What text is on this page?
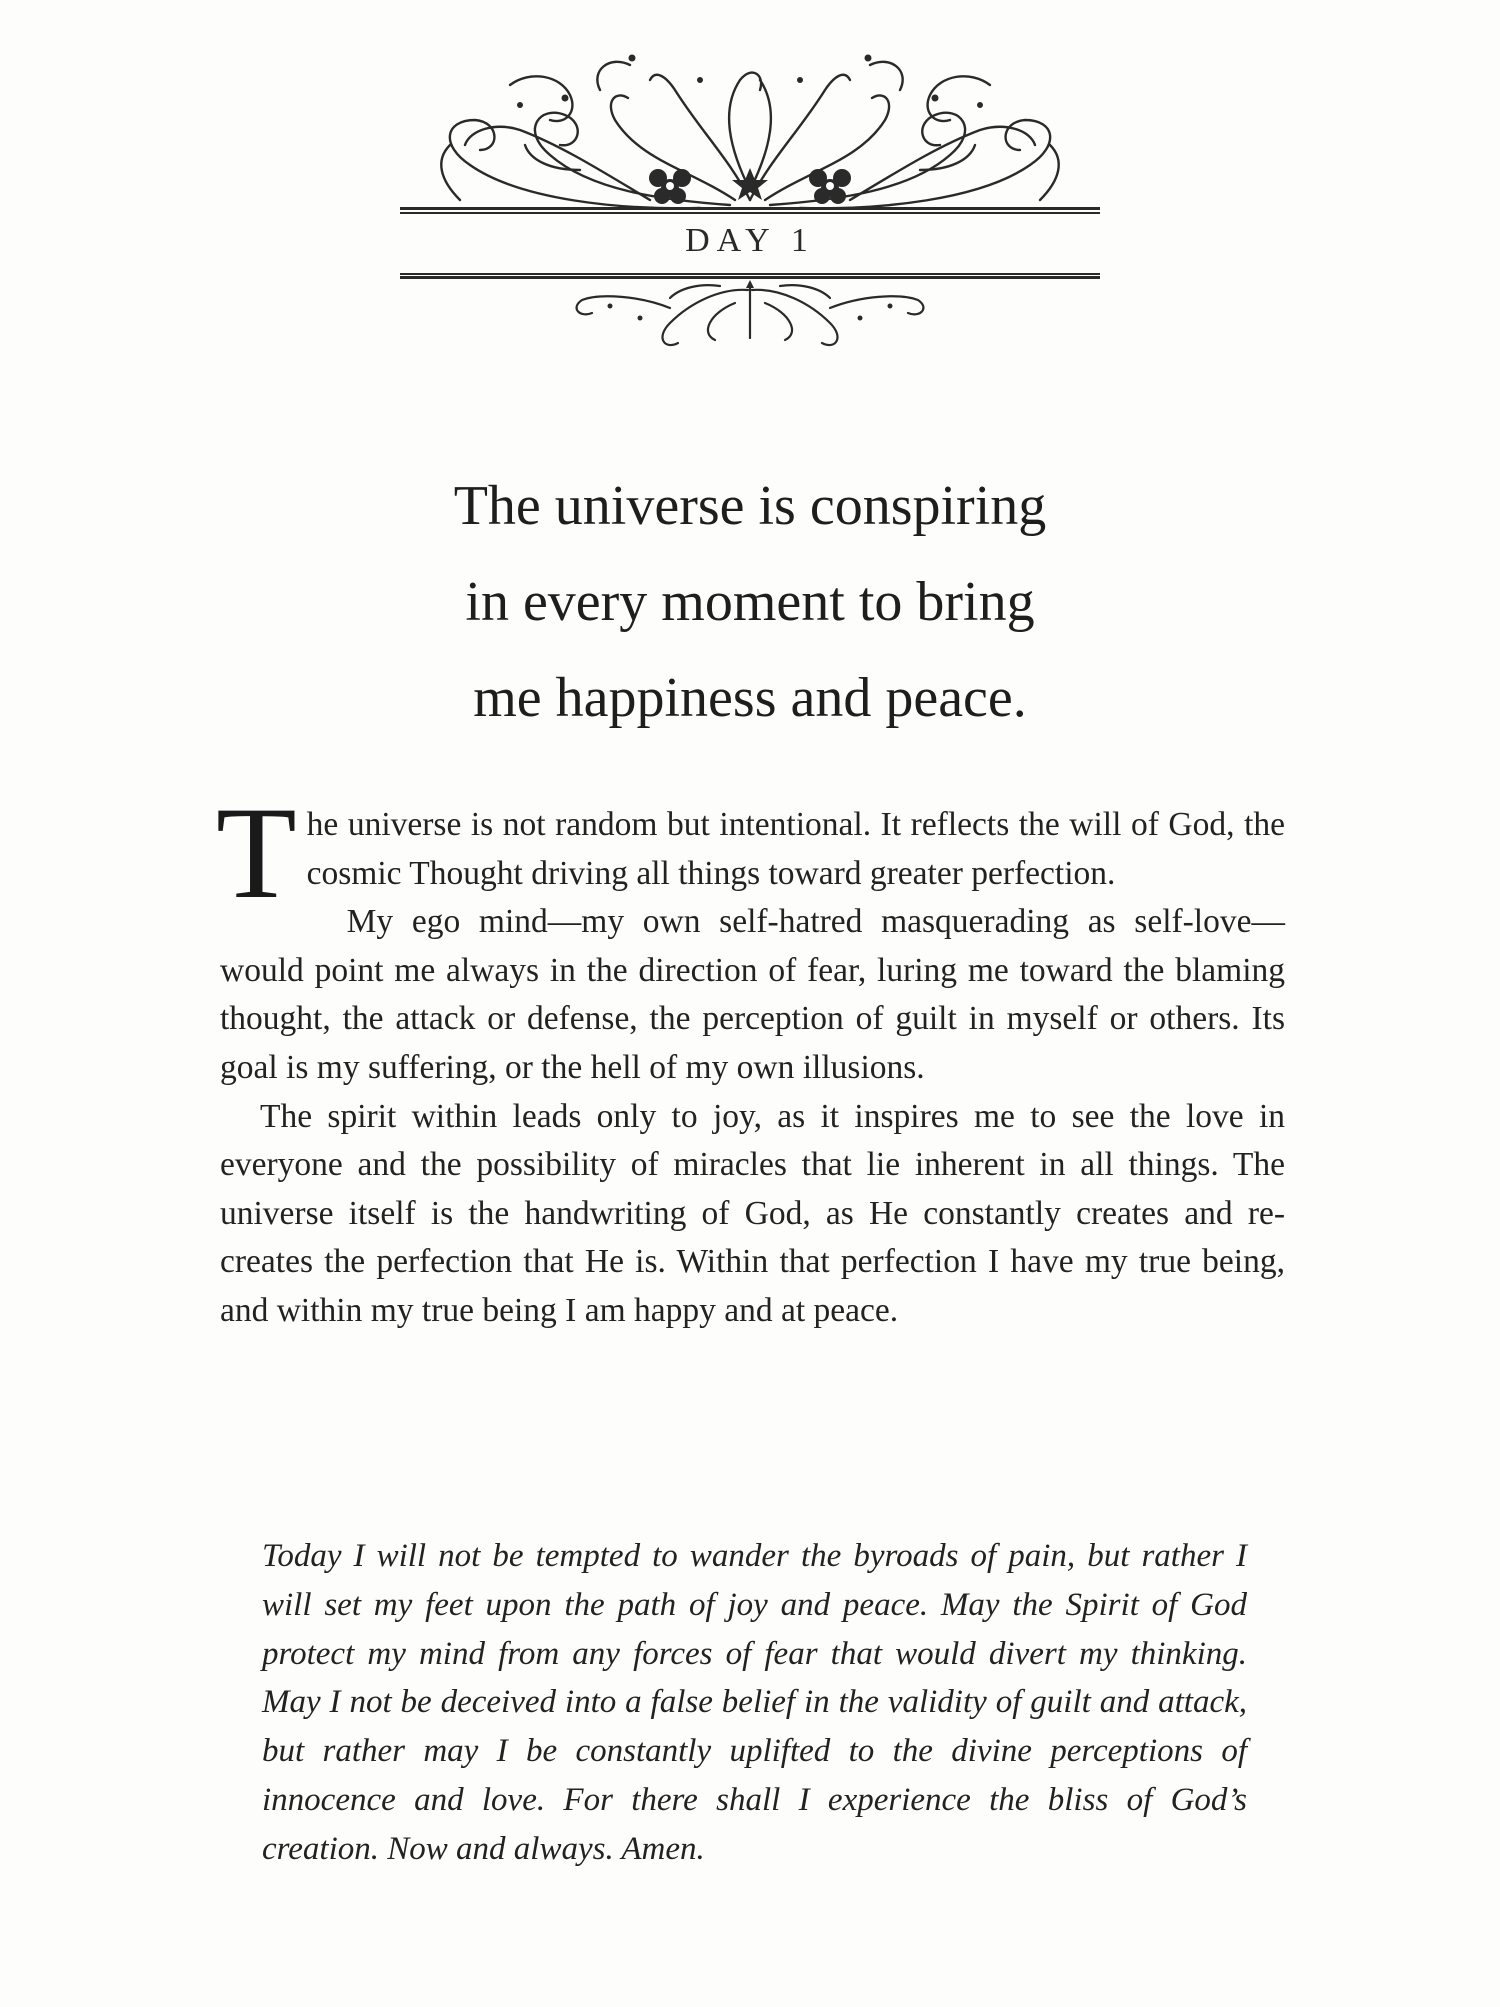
DAY 1
The universe is conspiring
in every moment to bring
me happiness and peace.

The universe is not random but intentional. It reflects the will of God, the cosmic Thought driving all things toward greater perfection.

My ego mind—my own self-hatred masquerading as self-love—would point me always in the direction of fear, luring me toward the blaming thought, the attack or defense, the perception of guilt in myself or others. Its goal is my suffering, or the hell of my own illusions.

The spirit within leads only to joy, as it inspires me to see the love in everyone and the possibility of miracles that lie inherent in all things. The universe itself is the handwriting of God, as He constantly creates and re-creates the perfection that He is. Within that perfection I have my true being, and within my true being I am happy and at peace.

Today I will not be tempted to wander the byroads of pain, but rather I will set my feet upon the path of joy and peace. May the Spirit of God protect my mind from any forces of fear that would divert my thinking. May I not be deceived into a false belief in the validity of guilt and attack, but rather may I be constantly uplifted to the divine perceptions of innocence and love. For there shall I experience the bliss of God’s creation. Now and always. Amen.
